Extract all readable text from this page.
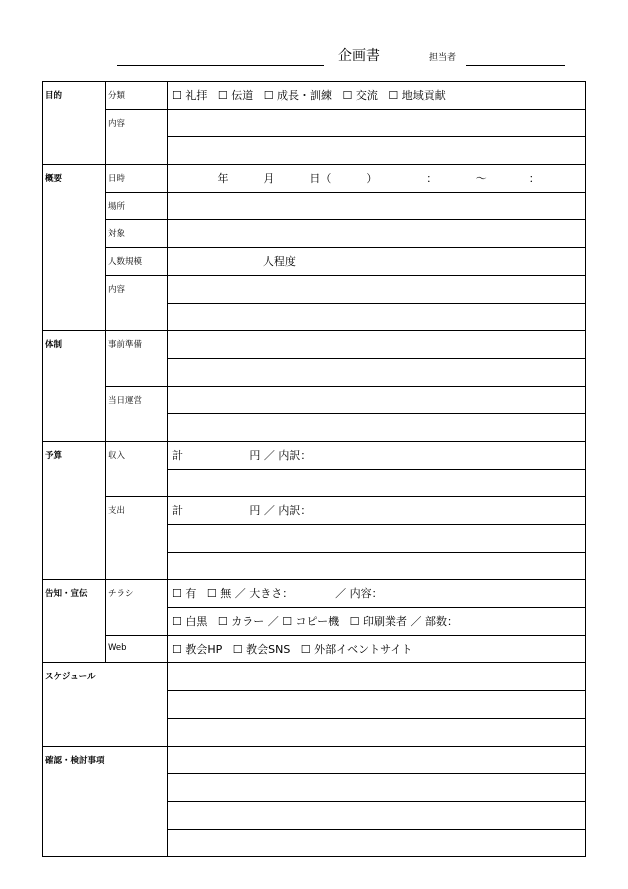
企画書	担当者
目的	分類	☐ 礼拝   ☐ 伝道   ☐ 成長・訓練   ☐ 交流   ☐ 地域貢献
	内容	

概要	日時	年          月          日（          ）              ：           ～            ：
	場所	
	対象	
	人数規模	人程度
	内容	

体制	事前準備	

	当日運営	

予算	収入	計                   円 ／ 内訳：

	支出	計                   円 ／ 内訳：

告知・宣伝	チラシ	☐ 有   ☐ 無 ／ 大きさ：            ／ 内容：
		☐ 白黒   ☐ カラー ／ ☐ コピー機   ☐ 印刷業者 ／ 部数：
	Web	☐ 教会HP   ☐ 教会SNS   ☐ 外部イベントサイト
スケジュール		

確認・検討事項		
